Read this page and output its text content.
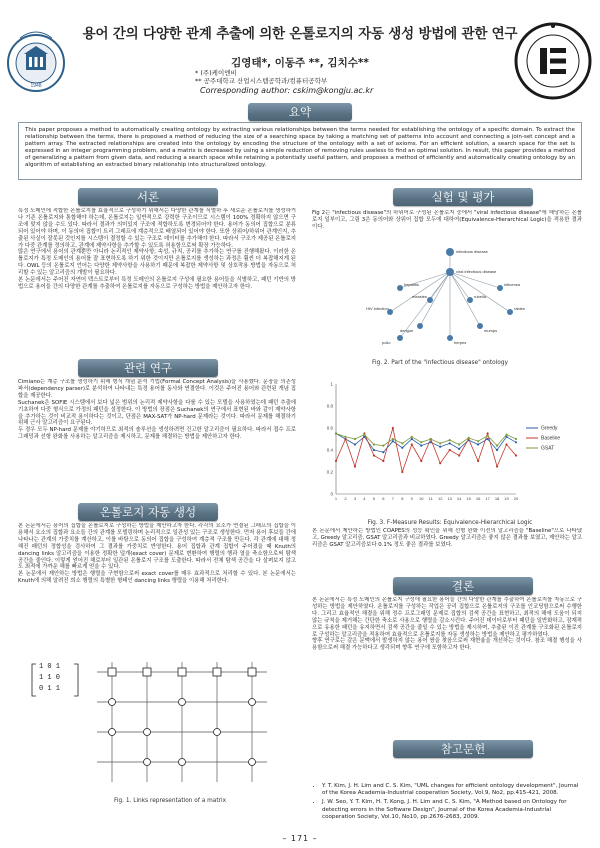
1948
용어 간의 다양한 관계 추출에 의한 온톨로지의 자동 생성 방법에 관한 연구
김영태*, 이동주 **, 김치수**
* (주)케이엔비
** 공주대학교 산업시스템공학과/컴퓨터공학부
Corresponding author: cskim@kongju.ac.kr
요약
This paper proposes a method to automatically creating ontology by extracting various relationships between the terms needed for establishing the ontology of a specific domain. To extract the relationship between the terms, there is proposed a method of reducing the size of a searching space by taking a matching set of patterns into account and connecting a join-set concept and a pattern array. The extracted relationships are created into the ontology by encoding the structure of the ontology with a set of axioms. For an efficient solution, a search space for the set is expressed in an integer programming problem, and a matrix is decreased by using a simple reduction of removing rules useless to find an optimal solution. In result, this paper provides a method of generalizing a pattern from given data, and reducing a search space while retaining a potentially useful pattern, and proposes a method of efficiently and automatically creating ontology by an algorithm of establishing an extracted binary relationship into structuralized ontology.
서론
특정 도메인에 적합한 온톨로지를 효율적으로 구성하기 위해서는 다양한 관계를 식별하 후 새로운 온톨로지를 생성하거나 기존 온톨로지와 통합해야 하는데, 온톨로지는 일반적으로 강력한 구조이므로 시스템이 100% 정확하지 않으면 구조에 맞지 않을 수도 있다. 따라서 결과가 의미있지 구조에 적합하도록 변경되어야 한다. 용어가 동의어 집합으로 분류되어 있어야 하며, 이 동의어 집합이 트리 그래프에 계층적으로 배열되어 있어야 한다. 또한 상위어/하위어 관계인지, 추출된 사실이 잘못된 것인지를 시스템이 결정할 수 있는 구조로 데이터를 추가해야 한다. 따라서 구조가 제공된 온톨로지가 다중 관계를 정의하고, 관계에 제약사항을 추가할 수 있도록 허용함으로써 확장 가능하다.
많은 연구에서 용어의 관계뿐만 아니라 논리적인 제약사항, 속성, 규칙, 공리를 추가하는 연구를 진행해왔다. 이러한 온톨로지가 특정 도메인의 용어를 잘 표현하도록 하기 위한 것이지만 온톨로지를 생성하는 과정은 훨씬 더 복잡해지게 된다. OWL 등의 온톨로지 언어는 다양한 제약사항을 사용하기 때문에 복잡한 제약사항 및 상호작용 방법을 자동으로 처리할 수 있는 알고리즘의 개발이 필요하다.
본 논문에서는 주어진 자연어 텍스트로부터 특정 도메인의 온톨로지 구성에 필요한 용어들을 식별하고, 패턴 기반의 방법으로 용어들 간의 다양한 관계를 추출하여 온톨로지를 자동으로 구성하는 방법을 제안하고자 한다.
관련 연구
Cimiano는 계층 구조를 생성하기 위해 형식 개념 분석 기법(Formal Concept Analysis)을 사용했다. 문장을 의존성 파서(dependency parser)로 분석하여 나타내는 특정 용어를 동사와 연결한다. 이것은 주어진 용어와 관련된 개념 집합을 제공한다.
Suchanek은 SOFIE 시스템에서 보다 넓은 범위의 논리적 제약사항을 다룰 수 있는 모델을 사용하였는데 패턴 추출에 기초하여 다중 형식으로 가정의 패턴을 설정한다. 이 방법의 장점은 Suchanek의 연구에서 표현된 바와 같이 제약사항을 추가하는 것이 비교적 용이하다는 것이고, 단점은 MAX-SAT가 NP-hard 문제라는 것이다. 따라서 문제를 해결하기 위해 근사 알고리즘이 요구된다.
두 경우 모두 NP-hard 문제를 야기하므로 최적의 솔루션을 생성하려면 건고한 알고리즘이 필요하다. 따라서 접수 프로그래밍과 선형 완화를 사용하는 알고리즘을 제시하고, 문제를 해결하는 방법을 제안하고자 한다.
온톨로지 자동 생성
본 논문에서는 용어의 집합을 온톨로지로 구성하는 방법을 제안하고자 한다. 각각의 요소가 연결된 그래프의 집합을 이용해서 요소의 집합과 요소들 간의 관계를 모델링하며 논리적으로 일관성 있는 구조로 생성한다. 먼저 용어 후보들 간에 나타나는 관계의 가중치를 계산하고, 이를 바탕으로 동의어 집합을 구성하여 계층적 구조를 만든다. 각 관계에 대해 정해진 패턴의 정합성을 검사하여 그 결과를 가중치로 반영한다. 용어 집합과 관계 집합이 주어졌을 때 Knuth의 dancing links 알고리즘을 이용한 정확한 덮개(exact cover) 문제로 변환하여 행렬의 행과 열을 축소함으로써 탐색 공간을 줄인다. 이렇게 얻어진 해로부터 일관된 온톨로지 구조를 도출한다. 따라서 전체 탐색 공간을 다 살펴보지 않고도 최적에 가까운 해를 빠르게 얻을 수 있다.
본 논문에서 제안하는 방법은 행렬을 구현함으로써 exact cover를 매우 효과적으로 처리할 수 있다. 본 논문에서는 Knuth에 의해 알려진 희소 행렬의 특별한 형태인 dancing links 행렬을 이용해 처리한다.
1 0 1
1 1 0
0 1 1
Fig. 1. Links representation of a matrix
실험 및 평가
Fig 2는 "infectious disease"의 하위어로 구성된 온톨로지 중에서 "viral infectious disease"에 해당하는 온톨로지 일부이고, 그림 3은 동의어와 상위어 집합 모두에 대하여(Equivalence-Hierarchical Logic)을 적용한 결과이다.
infectious disease
viral infectious disease
hepatitis	influenza
measles	rubella
HIV infection	rabies
dengue	mumps
herpes
polio
Fig. 2. Part of the "infectious disease" ontology
0
0.2
0.4
0.6
0.8
1
1 2 3 4 5 6 7 8 9 10 11 12 13 14 15 16 17 18 19 20
Greedy
Baseline
GSAT
Fig. 3. F-Measure Results: Equivalence-Hierarchical Logic
본 논문에서 제안하는 방법인 COAPES의 성능 확인을 위해 선형 완화 이전의 알고리즘을 "Baseline"으로 나타냈고, Greedy 알고리즘, GSAT 알고리즘과 비교하였다. Greedy 알고리즘은 좋지 않은 결과를 보였고, 제안하는 알고리즘은 GSAT 알고리즘보다 0.1% 정도 좋은 결과를 보였다.
결론
본 논문에서는 특정 도메인의 온톨로지 구성에 필요한 용어들 간의 다양한 관계를 추출하여 온톨로지를 자동으로 구성하는 방법을 제안하였다. 온톨로지를 구성하는 작업은 공리 집합으로 온톨로지의 구조를 인코딩함으로써 수행한다. 그리고 효율적인 해결을 위해 정수 프로그래밍 문제로 집합의 검색 공간을 표현하고, 최적의 해에 도움이 되지 않는 규칙을 제거해는 간단한 축소로 사용으로 행렬을 감소시킨다. 주어진 데이터로부터 패턴을 일반화하고, 잠재적으로 유용한 패턴을 유지하면서 검색 공간을 줄일 수 있는 방법을 제시하며, 추출된 이진 관계를 구조화된 온톨로지로 구성하는 알고리즘을 적용하여 효율적으로 온톨로지를 자동 생성하는 방법을 제안하고 평가하였다.
향후 연구로는 같은 문맥에서 발생하지 않는 용어 쌍을 찾음으로써 재현율을 개선하는 것이다. 참조 해결 행성을 사용함으로써 해결 가능하다고 생각되며 향후 연구에 포함하고자 한다.
참고문헌
• Y. T. Kim, J. H. Lim and C. S. Kim, "UML changes for efficient ontology development", Journal of the Korea Academia-Industrial cooperation Society, Vol.9, No2, pp.415-421, 2008.
• J. W. Seo, Y. T. Kim, H. T. Kong, J. H. Lim and C. S. Kim, "A Method based on Ontology for detecting errors in the Software Design", Journal of the Korea Academia-Industrial cooperation Society, Vol.10, No10, pp.2676-2683, 2009.
– 171 –
